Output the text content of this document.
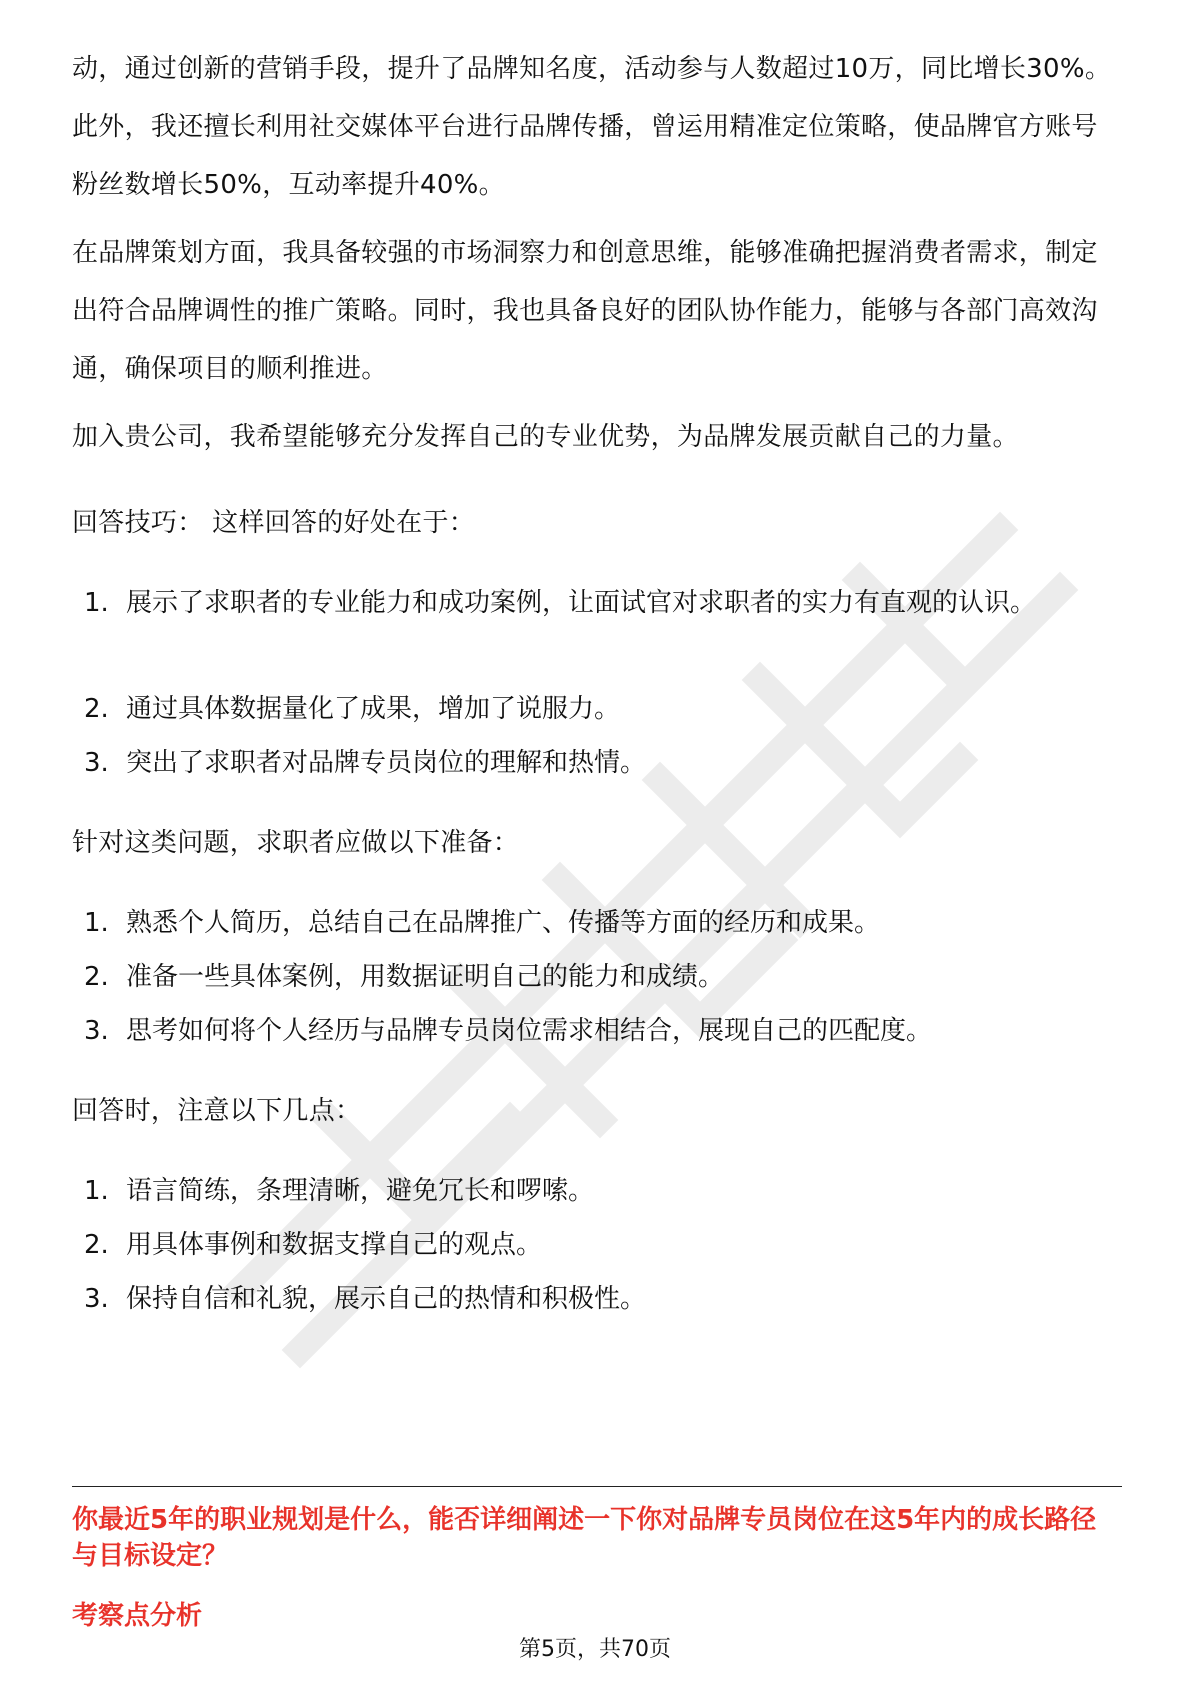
动，通过创新的营销手段，提升了品牌知名度，活动参与人数超过10万，同比增长30%。此外，我还擅长利用社交媒体平台进行品牌传播，曾运用精准定位策略，使品牌官方账号粉丝数增长50%，互动率提升40%。

在品牌策划方面，我具备较强的市场洞察力和创意思维，能够准确把握消费者需求，制定出符合品牌调性的推广策略。同时，我也具备良好的团队协作能力，能够与各部门高效沟通，确保项目的顺利推进。

加入贵公司，我希望能够充分发挥自己的专业优势，为品牌发展贡献自己的力量。

回答技巧： 这样回答的好处在于：

1. 展示了求职者的专业能力和成功案例，让面试官对求职者的实力有直观的认识。
2. 通过具体数据量化了成果，增加了说服力。
3. 突出了求职者对品牌专员岗位的理解和热情。

针对这类问题，求职者应做以下准备：

1. 熟悉个人简历，总结自己在品牌推广、传播等方面的经历和成果。
2. 准备一些具体案例，用数据证明自己的能力和成绩。
3. 思考如何将个人经历与品牌专员岗位需求相结合，展现自己的匹配度。

回答时，注意以下几点：

1. 语言简练，条理清晰，避免冗长和啰嗦。
2. 用具体事例和数据支撑自己的观点。
3. 保持自信和礼貌，展示自己的热情和积极性。
你最近5年的职业规划是什么，能否详细阐述一下你对品牌专员岗位在这5年内的成长路径与目标设定？
考察点分析
第5页，共70页
